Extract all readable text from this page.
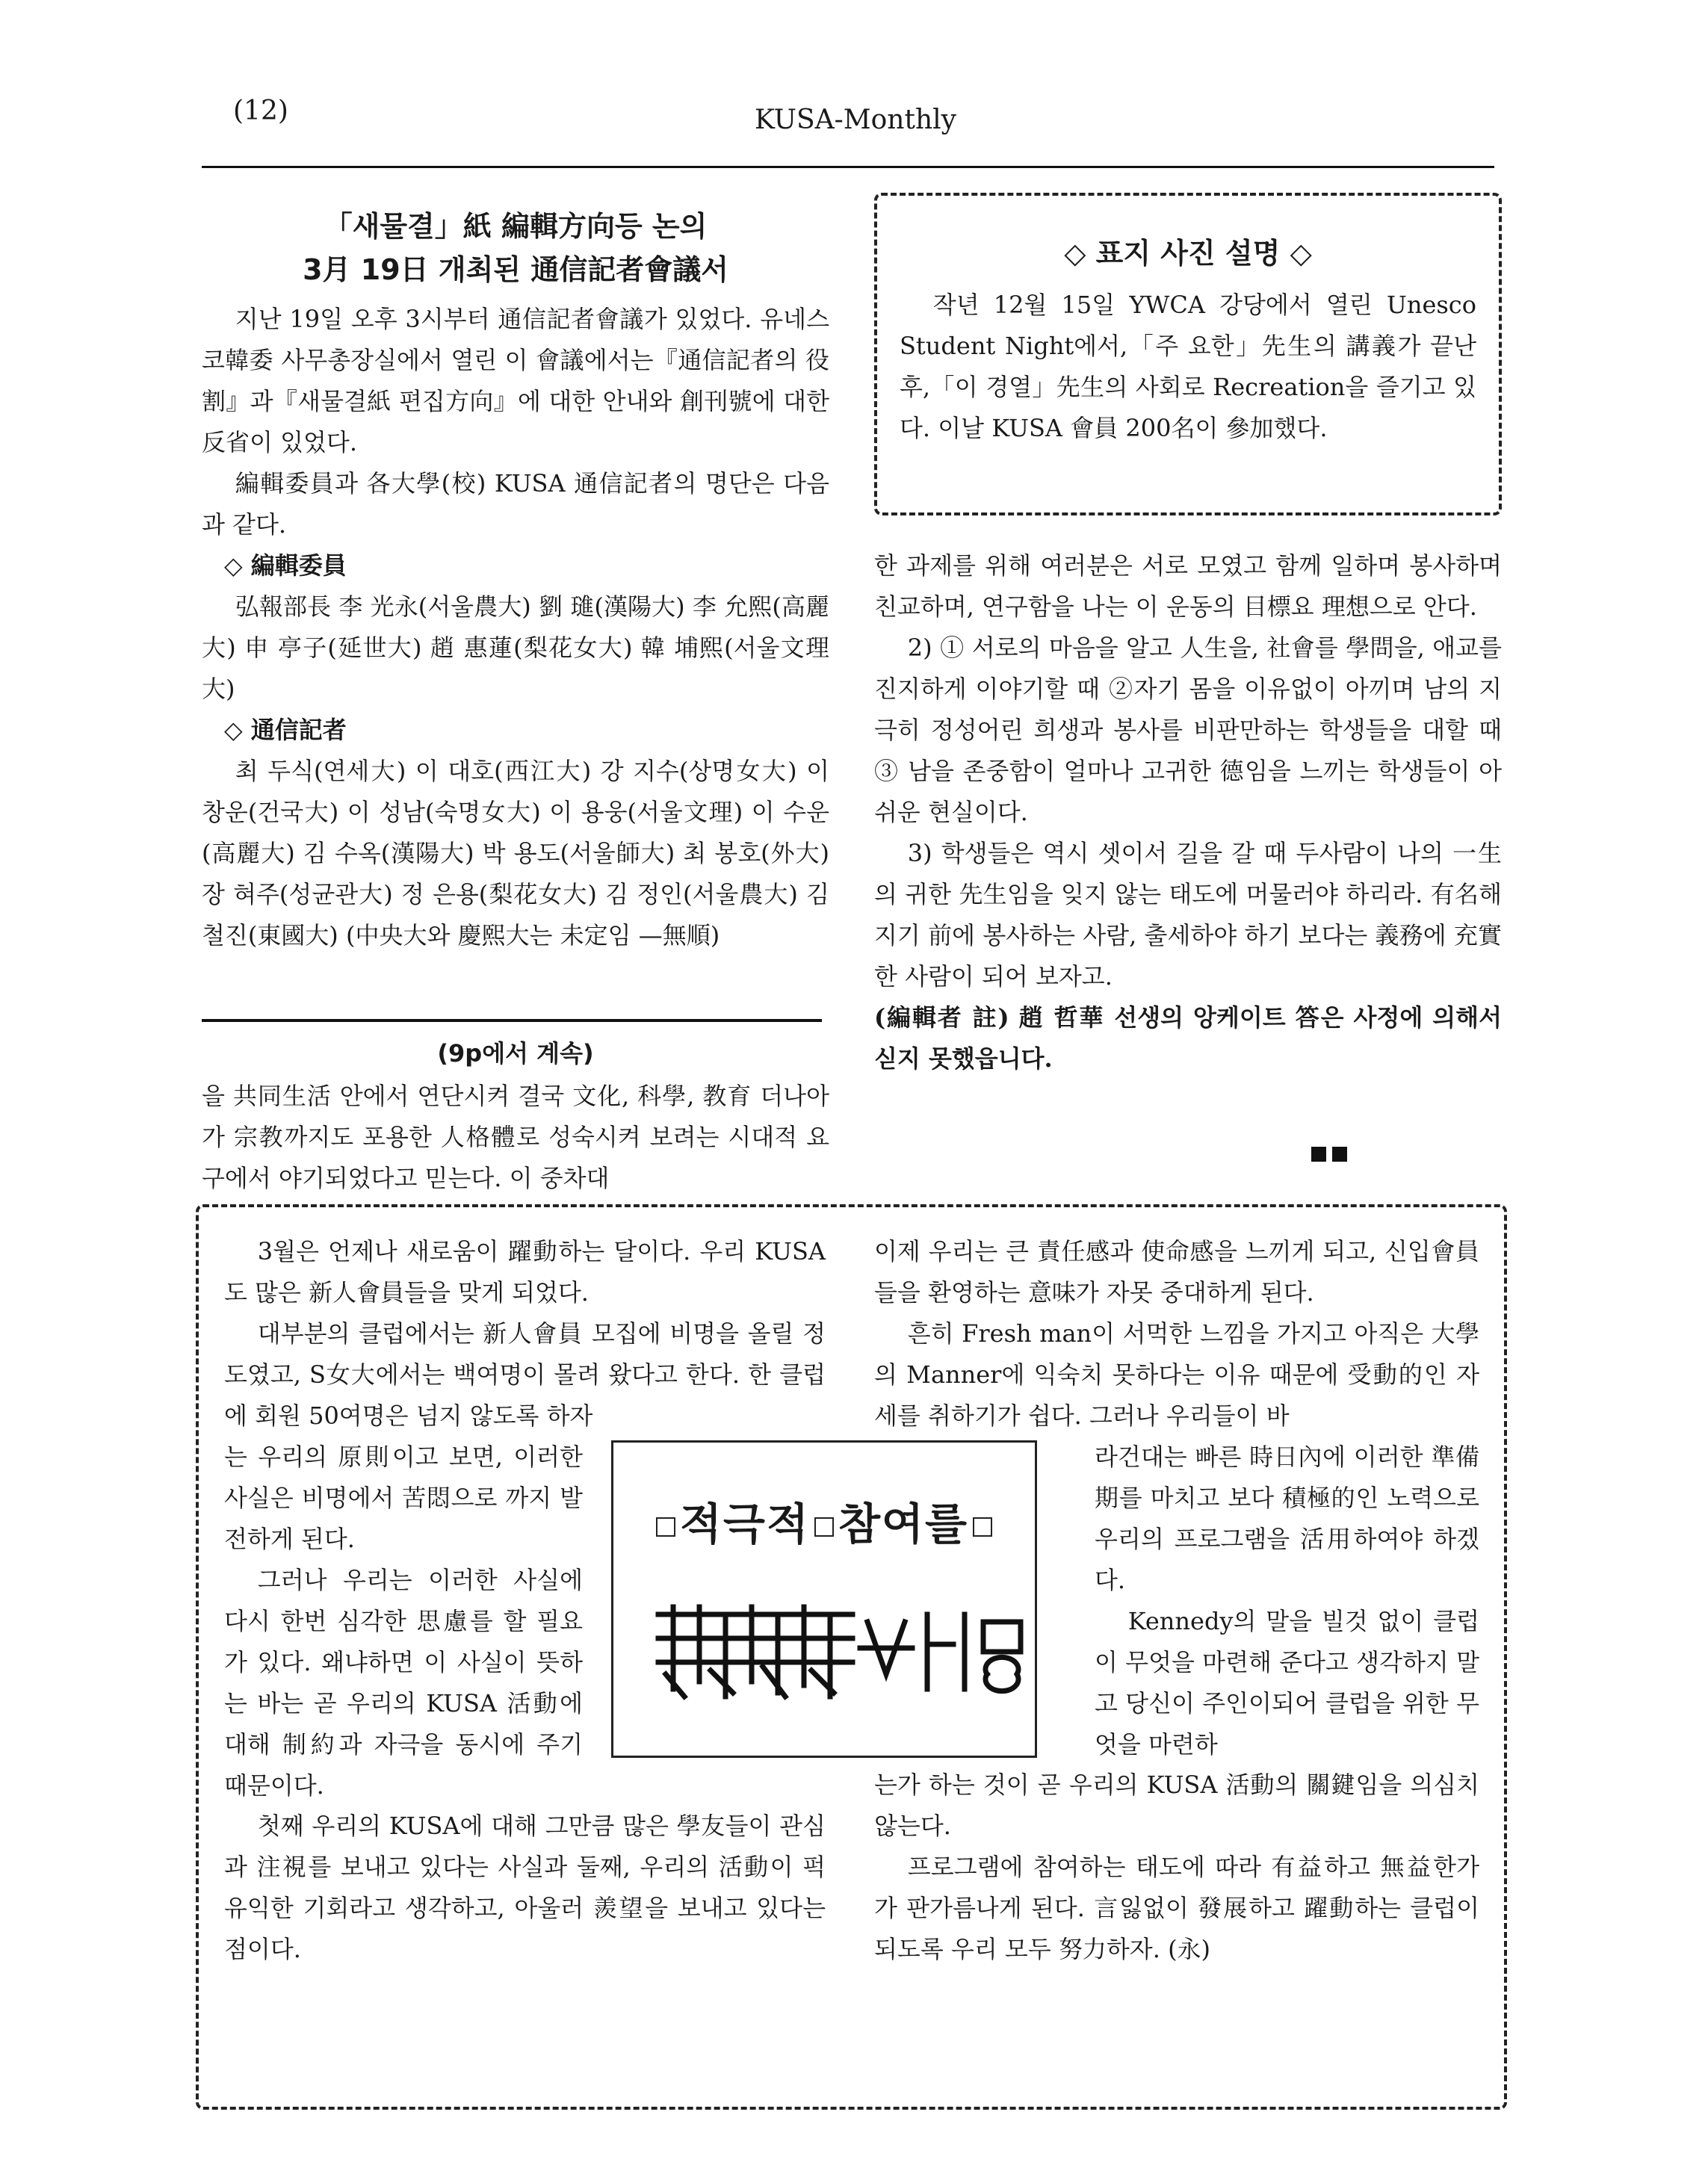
(12)	KUSA-Monthly
「새물결」紙 編輯方向등 논의
3月 19日 개최된 通信記者會議서

지난 19일 오후 3시부터 通信記者會議가 있었다. 유네스코韓委 사무총장실에서 열린 이 會議에서는『通信記者의 役割』과『새물결紙 편집方向』에 대한 안내와 創刊號에 대한 反省이 있었다.

編輯委員과 各大學(校) KUSA 通信記者의 명단은 다음과 같다.

◇ 編輯委員

弘報部長 李 光永(서울農大) 劉 璡(漢陽大) 李 允熙(高麗大) 申 亭子(延世大) 趙 惠蓮(梨花女大) 韓 埔熙(서울文理大)

◇ 通信記者

최 두식(연세大) 이 대호(西江大) 강 지수(상명女大) 이 창운(건국大) 이 성남(숙명女大) 이 용웅(서울文理) 이 수운(高麗大) 김 수옥(漢陽大) 박 용도(서울師大) 최 봉호(外大) 장 혀주(성균관大) 정 은용(梨花女大) 김 정인(서울農大) 김 철진(東國大) (中央大와 慶熙大는 未定임 —無順)

(9p에서 계속)

을 共同生活 안에서 연단시켜 결국 文化, 科學, 教育 더나아가 宗教까지도 포용한 人格體로 성숙시켜 보려는 시대적 요구에서 야기되었다고 믿는다. 이 중차대

◇ 표지 사진 설명 ◇

작년 12월 15일 YWCA 강당에서 열린 Unesco Student Night에서,「주 요한」先生의 講義가 끝난 후,「이 경열」先生의 사회로 Recreation을 즐기고 있다. 이날 KUSA 會員 200名이 參加했다.

한 과제를 위해 여러분은 서로 모였고 함께 일하며 봉사하며 친교하며, 연구함을 나는 이 운동의 目標요 理想으로 안다.

2) ① 서로의 마음을 알고 人生을, 社會를 學問을, 애교를 진지하게 이야기할 때 ②자기 몸을 이유없이 아끼며 남의 지극히 정성어린 희생과 봉사를 비판만하는 학생들을 대할 때 ③ 남을 존중함이 얼마나 고귀한 德임을 느끼는 학생들이 아쉬운 현실이다.

3) 학생들은 역시 셋이서 길을 갈 때 두사람이 나의 一生의 귀한 先生임을 잊지 않는 태도에 머물러야 하리라. 有名해 지기 前에 봉사하는 사람, 출세하야 하기 보다는 義務에 充實한 사람이 되어 보자고.

(編輯者 註) 趙 哲華 선생의 앙케이트 答은 사정에 의해서 싣지 못했읍니다.

3월은 언제나 새로움이 躍動하는 달이다. 우리 KUSA 도 많은 新人會員들을 맞게 되었다.

대부분의 클럽에서는 新人會員 모집에 비명을 올릴 정도였고, S女大에서는 백여명이 몰려 왔다고 한다. 한 클럽에 회원 50여명은 넘지 않도록 하자

는 우리의 原則이고 보면, 이러한 사실은 비명에서 苦悶으로 까지 발전하게 된다.

그러나 우리는 이러한 사실에 다시 한번 심각한 思慮를 할 필요가 있다. 왜냐하면 이 사실이 뜻하는 바는 곧 우리의 KUSA 活動에 대해 制約과 자극을 동시에 주기 때문이다.

첫째 우리의 KUSA에 대해 그만큼 많은 學友들이 관심과 注視를 보내고 있다는 사실과 둘째, 우리의 活動이 퍽 유익한 기회라고 생각하고, 아울러 羨望을 보내고 있다는 점이다.

적극적 참여를

이제 우리는 큰 責任感과 使命感을 느끼게 되고, 신입會員들을 환영하는 意味가 자못 중대하게 된다.

흔히 Fresh man이 서먹한 느낌을 가지고 아직은 大學의 Manner에 익숙치 못하다는 이유 때문에 受動的인 자세를 취하기가 쉽다. 그러나 우리들이 바

라건대는 빠른 時日內에 이러한 準備期를 마치고 보다 積極的인 노력으로 우리의 프로그램을 活用하여야 하겠다.

Kennedy의 말을 빌것 없이 클럽이 무엇을 마련해 준다고 생각하지 말고 당신이 주인이되어 클럽을 위한 무엇을 마련하

는가 하는 것이 곧 우리의 KUSA 活動의 關鍵임을 의심치 않는다.

프로그램에 참여하는 태도에 따라 有益하고 無益한가가 판가름나게 된다. 言잃없이 發展하고 躍動하는 클럽이 되도록 우리 모두 努力하자. (永)
